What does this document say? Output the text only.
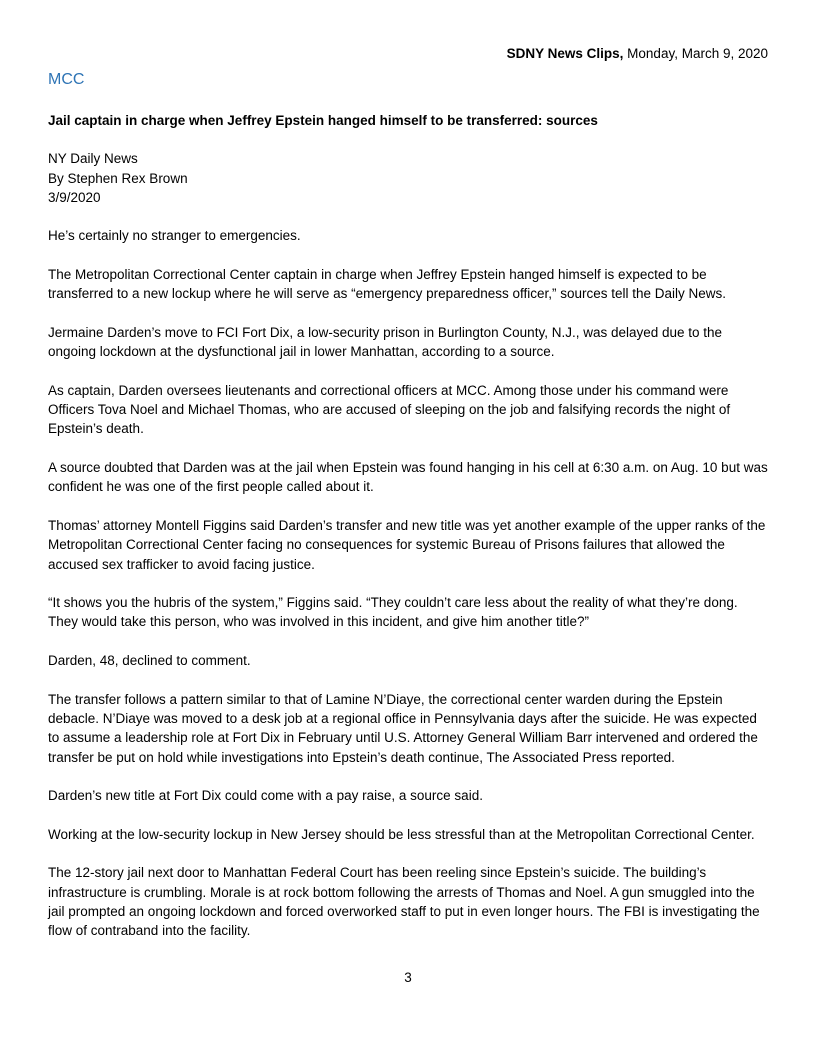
SDNY News Clips, Monday, March 9, 2020
MCC
Jail captain in charge when Jeffrey Epstein hanged himself to be transferred: sources
NY Daily News
By Stephen Rex Brown
3/9/2020

He’s certainly no stranger to emergencies.

The Metropolitan Correctional Center captain in charge when Jeffrey Epstein hanged himself is expected to be transferred to a new lockup where he will serve as “emergency preparedness officer,” sources tell the Daily News.

Jermaine Darden’s move to FCI Fort Dix, a low-security prison in Burlington County, N.J., was delayed due to the ongoing lockdown at the dysfunctional jail in lower Manhattan, according to a source.

As captain, Darden oversees lieutenants and correctional officers at MCC. Among those under his command were Officers Tova Noel and Michael Thomas, who are accused of sleeping on the job and falsifying records the night of Epstein’s death.

A source doubted that Darden was at the jail when Epstein was found hanging in his cell at 6:30 a.m. on Aug. 10 but was confident he was one of the first people called about it.

Thomas’ attorney Montell Figgins said Darden’s transfer and new title was yet another example of the upper ranks of the Metropolitan Correctional Center facing no consequences for systemic Bureau of Prisons failures that allowed the accused sex trafficker to avoid facing justice.

“It shows you the hubris of the system,” Figgins said. “They couldn’t care less about the reality of what they’re dong. They would take this person, who was involved in this incident, and give him another title?”

Darden, 48, declined to comment.

The transfer follows a pattern similar to that of Lamine N’Diaye, the correctional center warden during the Epstein debacle. N’Diaye was moved to a desk job at a regional office in Pennsylvania days after the suicide. He was expected to assume a leadership role at Fort Dix in February until U.S. Attorney General William Barr intervened and ordered the transfer be put on hold while investigations into Epstein’s death continue, The Associated Press reported.

Darden’s new title at Fort Dix could come with a pay raise, a source said.

Working at the low-security lockup in New Jersey should be less stressful than at the Metropolitan Correctional Center.

The 12-story jail next door to Manhattan Federal Court has been reeling since Epstein’s suicide. The building’s infrastructure is crumbling. Morale is at rock bottom following the arrests of Thomas and Noel. A gun smuggled into the jail prompted an ongoing lockdown and forced overworked staff to put in even longer hours. The FBI is investigating the flow of contraband into the facility.

3
